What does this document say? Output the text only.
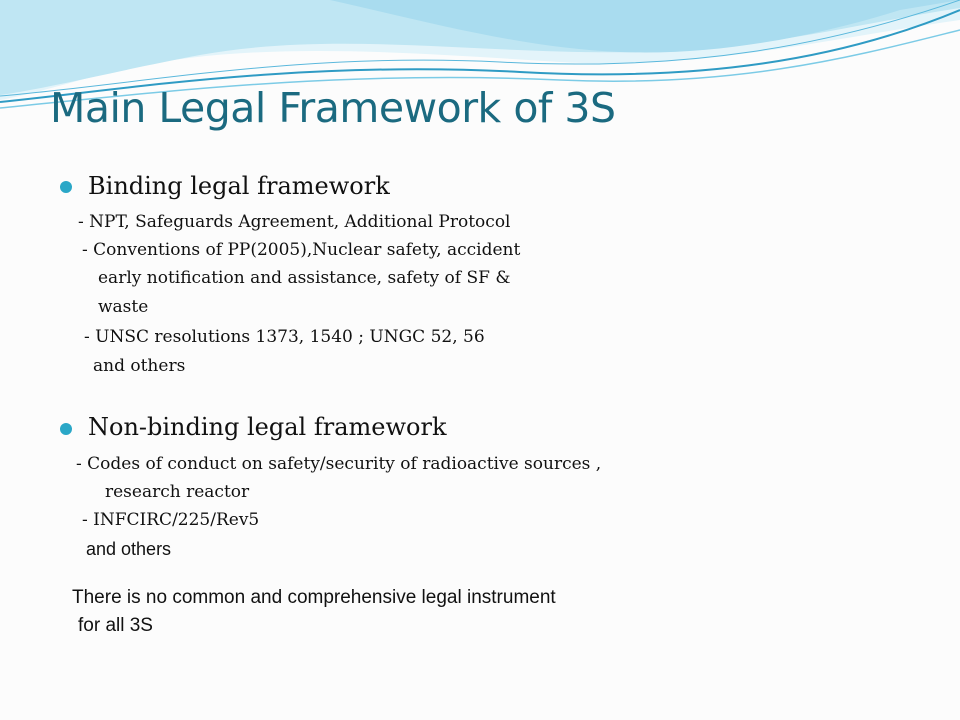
Main Legal Framework of 3S
Binding legal framework
- NPT, Safeguards Agreement, Additional Protocol
- Conventions of PP(2005),Nuclear safety, accident
early notification and assistance, safety of SF &
waste
- UNSC resolutions 1373, 1540 ; UNGC 52, 56
and others
Non-binding legal framework
- Codes of conduct on safety/security of radioactive sources ,
research reactor
- INFCIRC/225/Rev5
and others
There is no common and comprehensive legal instrument
for all 3S
